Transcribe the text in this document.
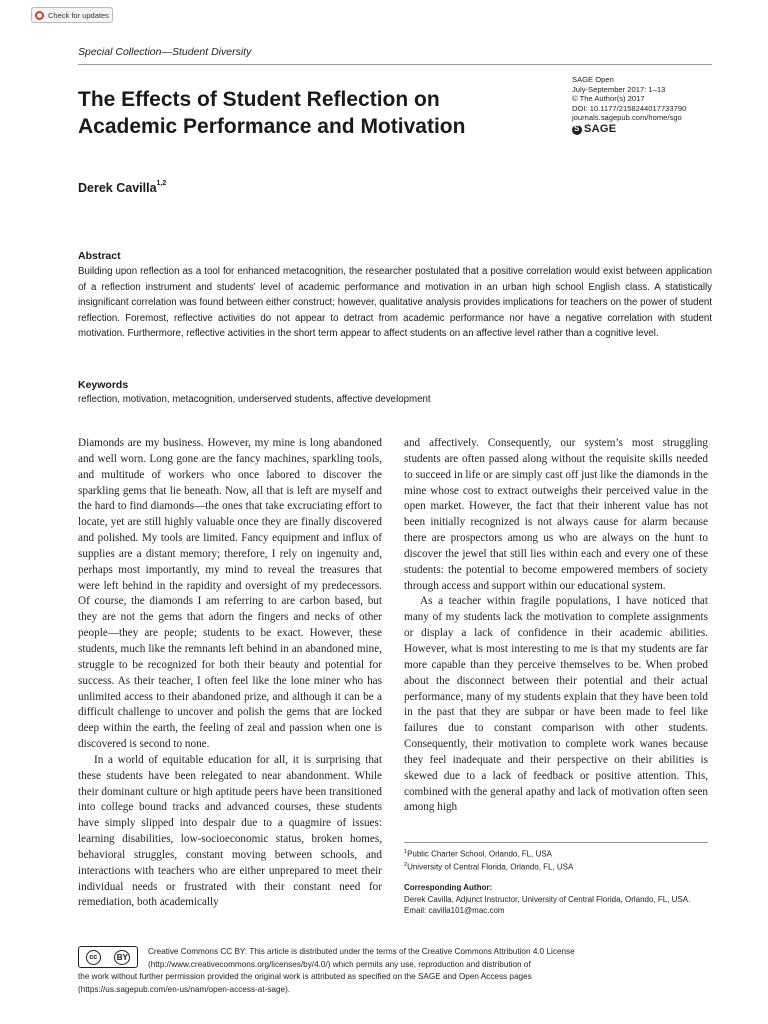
Check for updates
Special Collection—Student Diversity
The Effects of Student Reflection on Academic Performance and Motivation
SAGE Open
July-September 2017: 1–13
© The Author(s) 2017
DOI: 10.1177/2158244017733790
journals.sagepub.com/home/sgo
S
SAGE
Derek Cavilla$^{1,2}$
Abstract
Building upon reflection as a tool for enhanced metacognition, the researcher postulated that a positive correlation would exist between application of a reflection instrument and students’ level of academic performance and motivation in an urban high school English class. A statistically insignificant correlation was found between either construct; however, qualitative analysis provides implications for teachers on the power of student reflection. Foremost, reflective activities do not appear to detract from academic performance nor have a negative correlation with student motivation. Furthermore, reflective activities in the short term appear to affect students on an affective level rather than a cognitive level.
Keywords
reflection, motivation, metacognition, underserved students, affective development

Diamonds are my business. However, my mine is long abandoned and well worn. Long gone are the fancy machines, sparkling tools, and multitude of workers who once labored to discover the sparkling gems that lie beneath. Now, all that is left are myself and the hard to find diamonds—the ones that take excruciating effort to locate, yet are still highly valuable once they are finally discovered and polished. My tools are limited. Fancy equipment and influx of supplies are a distant memory; therefore, I rely on ingenuity and, perhaps most importantly, my mind to reveal the treasures that were left behind in the rapidity and oversight of my predecessors. Of course, the diamonds I am referring to are carbon based, but they are not the gems that adorn the fingers and necks of other people—they are people; students to be exact. However, these students, much like the remnants left behind in an abandoned mine, struggle to be recognized for both their beauty and potential for success. As their teacher, I often feel like the lone miner who has unlimited access to their abandoned prize, and although it can be a difficult challenge to uncover and polish the gems that are locked deep within the earth, the feeling of zeal and passion when one is discovered is second to none.

In a world of equitable education for all, it is surprising that these students have been relegated to near abandonment. While their dominant culture or high aptitude peers have been transitioned into college bound tracks and advanced courses, these students have simply slipped into despair due to a quagmire of issues: learning disabilities, low-socioeconomic status, broken homes, behavioral struggles, constant moving between schools, and interactions with teachers who are either unprepared to meet their individual needs or frustrated with their constant need for remediation, both academically

and affectively. Consequently, our system’s most struggling students are often passed along without the requisite skills needed to succeed in life or are simply cast off just like the diamonds in the mine whose cost to extract outweighs their perceived value in the open market. However, the fact that their inherent value has not been initially recognized is not always cause for alarm because there are prospectors among us who are always on the hunt to discover the jewel that still lies within each and every one of these students: the potential to become empowered members of society through access and support within our educational system.

As a teacher within fragile populations, I have noticed that many of my students lack the motivation to complete assignments or display a lack of confidence in their academic abilities. However, what is most interesting to me is that my students are far more capable than they perceive themselves to be. When probed about the disconnect between their potential and their actual performance, many of my students explain that they have been told in the past that they are subpar or have been made to feel like failures due to constant comparison with other students. Consequently, their motivation to complete work wanes because they feel inadequate and their perspective on their abilities is skewed due to a lack of feedback or positive attention. This, combined with the general apathy and lack of motivation often seen among high

$^1$Public Charter School, Orlando, FL, USA
$^2$University of Central Florida, Orlando, FL, USA
Corresponding Author:
Derek Cavilla, Adjunct Instructor, University of Central Florida, Orlando, FL, USA.
Email: cavilla101@mac.com
Creative Commons CC BY: This article is distributed under the terms of the Creative Commons Attribution 4.0 License
(http://www.creativecommons.org/licenses/by/4.0/) which permits any use, reproduction and distribution of
the work without further permission provided the original work is attributed as specified on the SAGE and Open Access pages
(https://us.sagepub.com/en-us/nam/open-access-at-sage).
cc	BY
